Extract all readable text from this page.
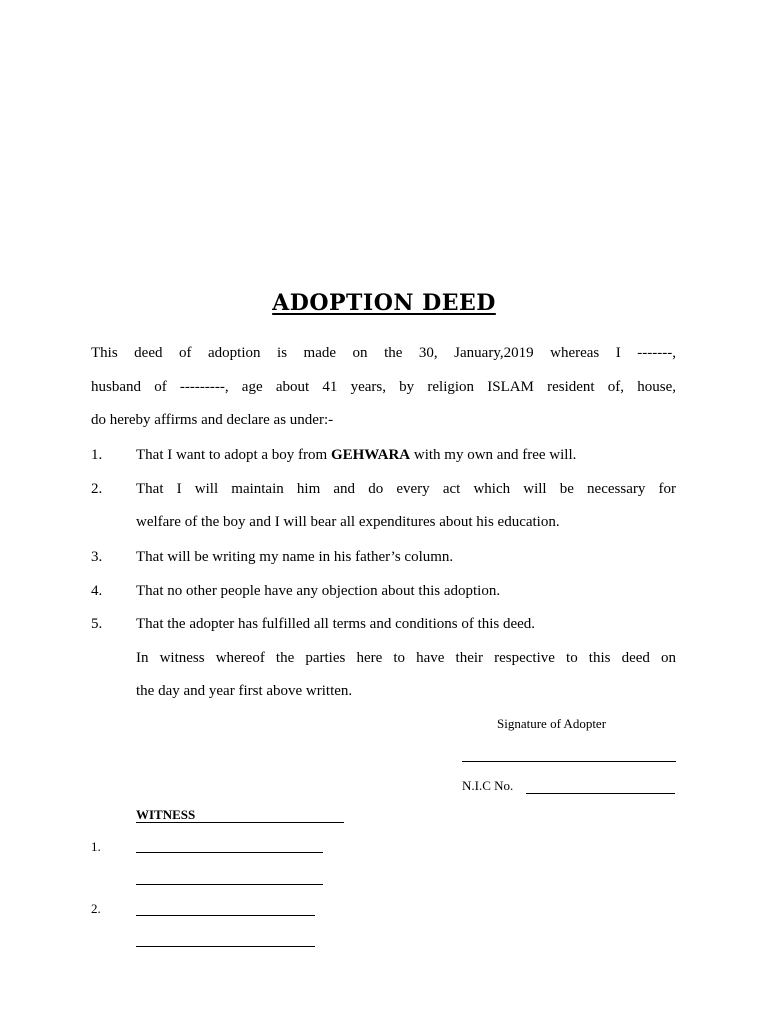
ADOPTION DEED
This deed of adoption is made on the 30, January,2019 whereas I -------,
husband of ---------, age about 41 years, by religion ISLAM resident of, house,
do hereby affirms and declare as under:-
1. That I want to adopt a boy from GEHWARA with my own and free will.
2. That I will maintain him and do every act which will be necessary for
welfare of the boy and I will bear all expenditures about his education.
3. That will be writing my name in his father’s column.
4. That no other people have any objection about this adoption.
5. That the adopter has fulfilled all terms and conditions of this deed.
In witness whereof the parties here to have their respective to this deed on
the day and year first above written.
Signature of Adopter
N.I.C No.
WITNESS
1.
2.
